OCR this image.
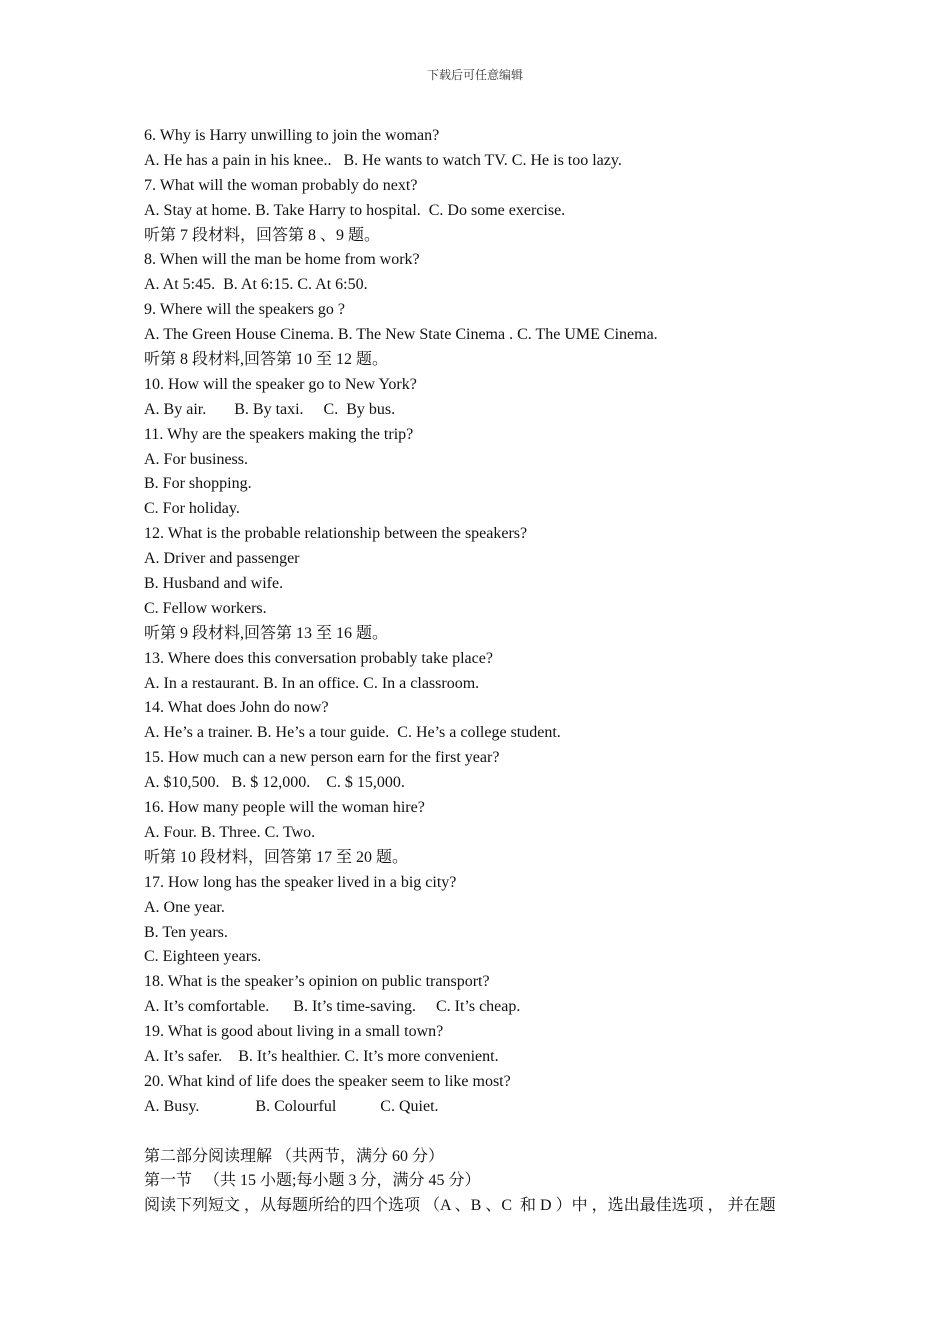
下载后可任意编辑
6. Why is Harry unwilling to join the woman?
A. He has a pain in his knee..   B. He wants to watch TV. C. He is too lazy.
7. What will the woman probably do next?
A. Stay at home. B. Take Harry to hospital.  C. Do some exercise.
听第 7 段材料，回答第 8 、9 题。
8. When will the man be home from work?
A. At 5:45.  B. At 6:15. C. At 6:50.
9. Where will the speakers go ?
A. The Green House Cinema. B. The New State Cinema . C. The UME Cinema.
听第 8 段材料,回答第 10 至 12 题。
10. How will the speaker go to New York?
A. By air.       B. By taxi.     C.  By bus.
11. Why are the speakers making the trip?
A. For business.
B. For shopping.
C. For holiday.
12. What is the probable relationship between the speakers?
A. Driver and passenger
B. Husband and wife.
C. Fellow workers.
听第 9 段材料,回答第 13 至 16 题。
13. Where does this conversation probably take place?
A. In a restaurant. B. In an office. C. In a classroom.
14. What does John do now?
A. He’s a trainer. B. He’s a tour guide.  C. He’s a college student.
15. How much can a new person earn for the first year?
A. $10,500.   B. $ 12,000.    C. $ 15,000.
16. How many people will the woman hire?
A. Four. B. Three. C. Two.
听第 10 段材料，回答第 17 至 20 题。
17. How long has the speaker lived in a big city?
A. One year.
B. Ten years.
C. Eighteen years.
18. What is the speaker’s opinion on public transport?
A. It’s comfortable.      B. It’s time-saving.     C. It’s cheap.
19. What is good about living in a small town?
A. It’s safer.    B. It’s healthier. C. It’s more convenient.
20. What kind of life does the speaker seem to like most?
A. Busy.              B. Colourful           C. Quiet.
第二部分阅读理解 （共两节，满分 60 分）
第一节   （共 15 小题;每小题 3 分，满分 45 分）
阅读下列短文 ，从每题所给的四个选项 （A 、B 、C  和 D ）中 ，选出最佳选项 ， 并在题
